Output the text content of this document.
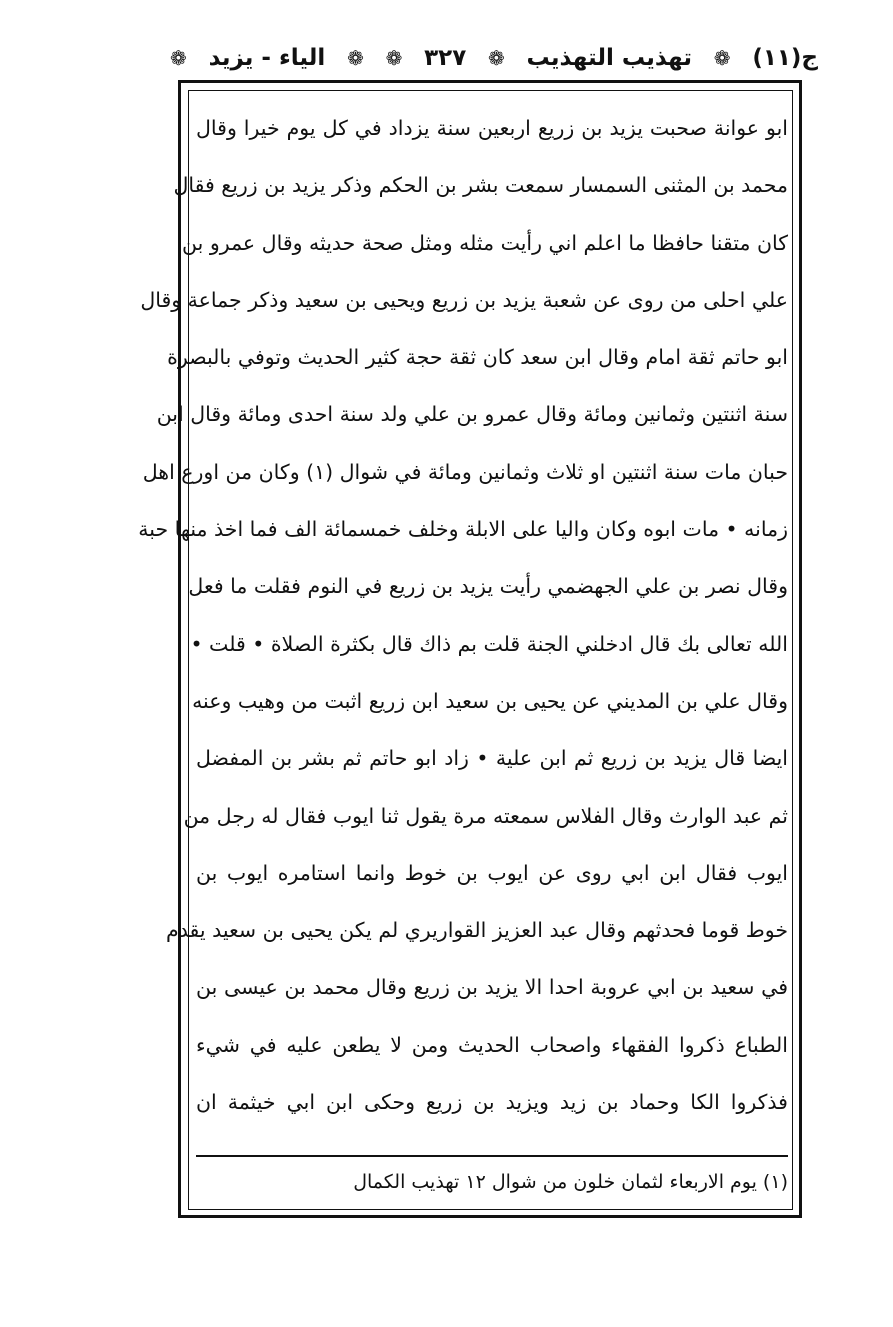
ج(١١)
❁
تهذيب التهذيب
❁
٣٢٧
❁
❁
الياء - يزيد
❁
ابو عوانة صحبت يزيد بن زريع اربعين سنة يزداد في كل يوم خيرا وقال
محمد بن المثنى السمسار سمعت بشر بن الحكم وذكر يزيد بن زريع فقال
كان متقنا حافظا ما اعلم اني رأيت مثله ومثل صحة حديثه وقال عمرو بن
علي احلى من روى عن شعبة يزيد بن زريع ويحيى بن سعيد وذكر جماعة وقال
ابو حاتم ثقة امام وقال ابن سعد كان ثقة حجة كثير الحديث وتوفي بالبصرة
سنة اثنتين وثمانين ومائة وقال عمرو بن علي ولد سنة احدى ومائة وقال ابن
حبان مات سنة اثنتين او ثلاث وثمانين ومائة في شوال (١) وكان من اورع اهل
زمانه • مات ابوه وكان واليا على الابلة وخلف خمسمائة الف فما اخذ منها حبة
وقال نصر بن علي الجهضمي رأيت يزيد بن زريع في النوم فقلت ما فعل
الله تعالى بك قال ادخلني الجنة قلت بم ذاك قال بكثرة الصلاة • قلت •
وقال علي بن المديني عن يحيى بن سعيد ابن زريع اثبت من وهيب وعنه
ايضا قال يزيد بن زريع ثم ابن علية • زاد ابو حاتم ثم بشر بن المفضل
ثم عبد الوارث وقال الفلاس سمعته مرة يقول ثنا ايوب فقال له رجل من
ايوب فقال ابن ابي روى عن ايوب بن خوط وانما استامره ايوب بن
خوط قوما فحدثهم وقال عبد العزيز القواريري لم يكن يحيى بن سعيد يقدم
في سعيد بن ابي عروبة احدا الا يزيد بن زريع وقال محمد بن عيسى بن
الطباع ذكروا الفقهاء واصحاب الحديث ومن لا يطعن عليه في شيء
فذكروا الكا وحماد بن زيد ويزيد بن زريع وحكى ابن ابي خيثمة ان
(١) يوم الاربعاء لثمان خلون من شوال ١٢ تهذيب الكمال
